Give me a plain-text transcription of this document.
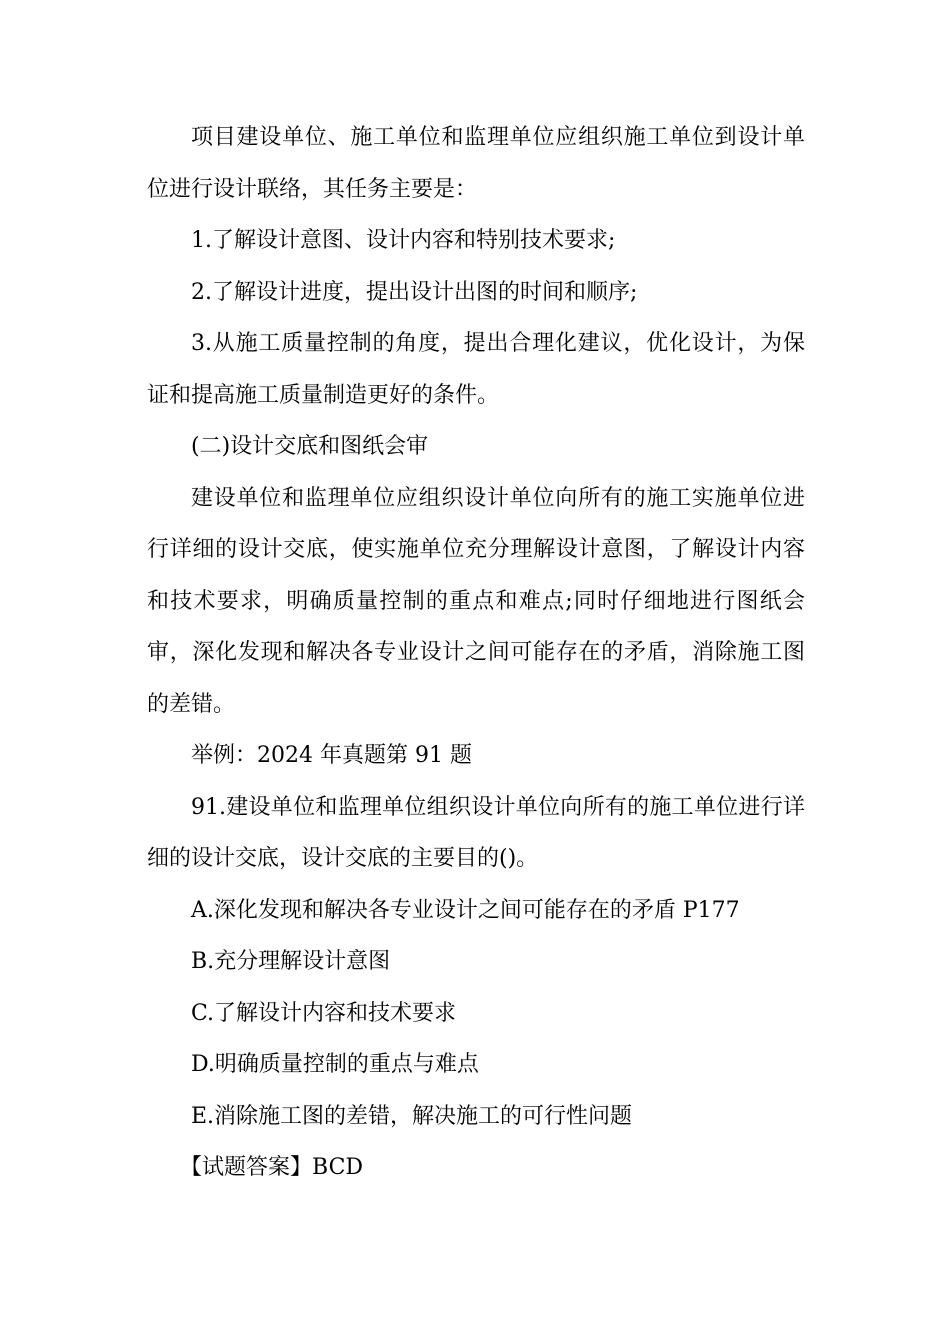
项目建设单位、施工单位和监理单位应组织施工单位到设计单位进行设计联络，其任务主要是：

1.了解设计意图、设计内容和特别技术要求;

2.了解设计进度，提出设计出图的时间和顺序;

3.从施工质量控制的角度，提出合理化建议，优化设计，为保证和提高施工质量制造更好的条件。

(二)设计交底和图纸会审

建设单位和监理单位应组织设计单位向所有的施工实施单位进行详细的设计交底，使实施单位充分理解设计意图，了解设计内容和技术要求，明确质量控制的重点和难点;同时仔细地进行图纸会审，深化发现和解决各专业设计之间可能存在的矛盾，消除施工图的差错。

举例：2024 年真题第 91 题

91.建设单位和监理单位组织设计单位向所有的施工单位进行详细的设计交底，设计交底的主要目的()。

A.深化发现和解决各专业设计之间可能存在的矛盾 P177

B.充分理解设计意图

C.了解设计内容和技术要求

D.明确质量控制的重点与难点

E.消除施工图的差错，解决施工的可行性问题

【试题答案】BCD
